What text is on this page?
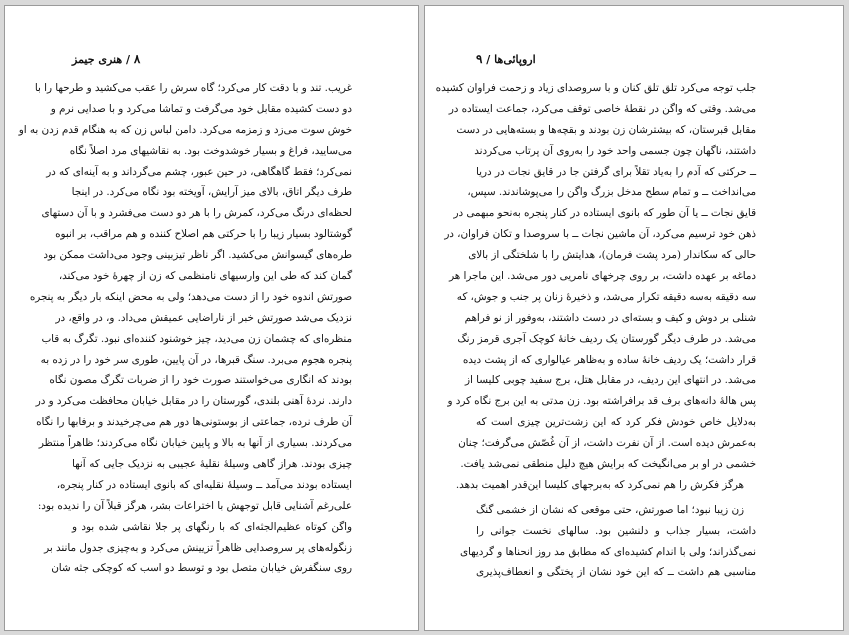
۸ / هنری جیمز
غریب. تند و با دقت کار می‌کرد؛ گاه سرش را عقب می‌کشید و طرحها را با
دو دست کشیده مقابل خود می‌گرفت و تماشا می‌کرد و با صدایی نرم و
خوش سوت می‌زد و زمزمه می‌کرد. دامن لباس زن که به هنگام قدم زدن به او
می‌سایید، فراغ و بسیار خوشدوخت بود. به نقاشیهای مرد اصلاً نگاه
نمی‌کرد؛ فقط گاهگاهی، در حین عبور، چشم می‌گرداند و به آینه‌ای که در
طرف دیگر اتاق، بالای میز آرایش، آویخته بود نگاه می‌کرد. در اینجا
لحظه‌ای درنگ می‌کرد، کمرش را با هر دو دست می‌فشرد و با آن دستهای
گوشتالود بسیار زیبا را با حرکتی هم اصلاح کننده و هم مراقب، بر انبوه
طره‌های گیسوانش می‌کشید. اگر ناظر تیزبینی وجود می‌داشت ممکن بود
گمان کند که طی این وارسیهای نامنظمی که زن از چهرهٔ خود می‌کند،
صورتش اندوه خود را از دست می‌دهد؛ ولی به محض اینکه بار دیگر به پنجره
نزدیک می‌شد صورتش خبر از ناراضایی عمیقش می‌داد. و، در واقع، در
منظره‌ای که چشمان زن می‌دید، چیز خوشنود کننده‌ای نبود. تگرگ به قاب
پنجره هجوم می‌برد. سنگ قبرها، در آن پایین، طوری سر خود را در زده به
بودند که انگاری می‌خواستند صورت خود را از ضربات تگرگ مصون نگاه
دارند. نردهٔ آهنی بلندی، گورستان را در مقابل خیابان محافظت می‌کرد و در
آن طرف نرده، جماعتی از بوستونی‌ها دور هم می‌چرخیدند و برفابها را نگاه
می‌کردند. بسیاری از آنها به بالا و پایین خیابان نگاه می‌کردند؛ ظاهراً منتظر
چیزی بودند. هراز گاهی وسیلهٔ نقلیهٔ عجیبی به نزدیک جایی که آنها
ایستاده بودند می‌آمد ــ وسیلهٔ نقلیه‌ای که بانوی ایستاده در کنار پنجره،
علی‌رغم آشنایی قابل توجهش با اختراعات بشر، هرگز قبلاً آن را ندیده بود:
واگن کوتاه عظیم‌الجثه‌ای که با رنگهای پر جلا نقاشی شده بود و
زنگوله‌های پر سروصدایی ظاهراً تزیینش می‌کرد و به‌چیزی جدول مانند بر
روی سنگفرش خیابان متصل بود و توسط دو اسب که کوچکی جثه شان
اروپائی‌ها / ۹
جلب توجه می‌کرد تلق تلق کنان و با سروصدای زیاد و زحمت فراوان کشیده
می‌شد. وقتی که واگن در نقطهٔ خاصی توقف می‌کرد، جماعت ایستاده در
مقابل قبرستان، که بیشترشان زن بودند و بقچه‌ها و بسته‌هایی در دست
داشتند، ناگهان چون جسمی واحد خود را به‌روی آن پرتاب می‌کردند
ــ حرکتی که آدم را به‌یاد تقلاً برای گرفتن جا در قایق نجات در دریا
می‌انداخت ــ و تمام سطح مدخل بزرگ واگن را می‌پوشاندند. سپس،
قایق نجات ــ یا آن طور که بانوی ایستاده در کنار پنجره به‌نحو مبهمی در
ذهن خود ترسیم می‌کرد، آن ماشین نجات ــ با سروصدا و تکان فراوان، در
حالی که سکاندار (مرد پشت فرمان)، هدایتش را با شلختگی از بالای
دماغه بر عهده داشت، بر روی چرخهای نامریی دور می‌شد. این ماجرا هر
سه دقیقه به‌سه دقیقه تکرار می‌شد، و ذخیرهٔ زنان پر جنب و جوش، که
شنلی بر دوش و کیف و بسته‌ای در دست داشتند، به‌وفور از نو فراهم
می‌شد. در طرف دیگر گورستان یک ردیف خانهٔ کوچک آجری قرمز رنگ
قرار داشت؛ یک ردیف خانهٔ ساده و به‌ظاهر عیالواری که از پشت دیده
می‌شد. در انتهای این ردیف، در مقابل هتل، برج سفید چوبی کلیسا از
پس هالهٔ دانه‌های برف قد برافراشته بود. زن مدتی به این برج نگاه کرد و
به‌دلایل خاص خودش فکر کرد که این زشت‌ترین چیزی است که
به‌عمرش دیده است. از آن نفرت داشت، از آن غُصّش می‌گرفت؛ چنان
خشمی در او بر می‌انگیخت که برایش هیچ دلیل منطقی نمی‌شد یافت.
هرگز فکرش را هم نمی‌کرد که به‌برجهای کلیسا این‌قدر اهمیت بدهد.
زن زیبا نبود؛ اما صورتش، حتی موقعی که نشان از خشمی گنگ
داشت، بسیار جذاب و دلنشین بود. سالهای نخست جوانی را
نمی‌گذراند؛ ولی با اندام کشیده‌ای که مطابق مد روز انحناها و گردیهای
مناسبی هم داشت ــ که این خود نشان از پختگی و انعطاف‌پذیری
